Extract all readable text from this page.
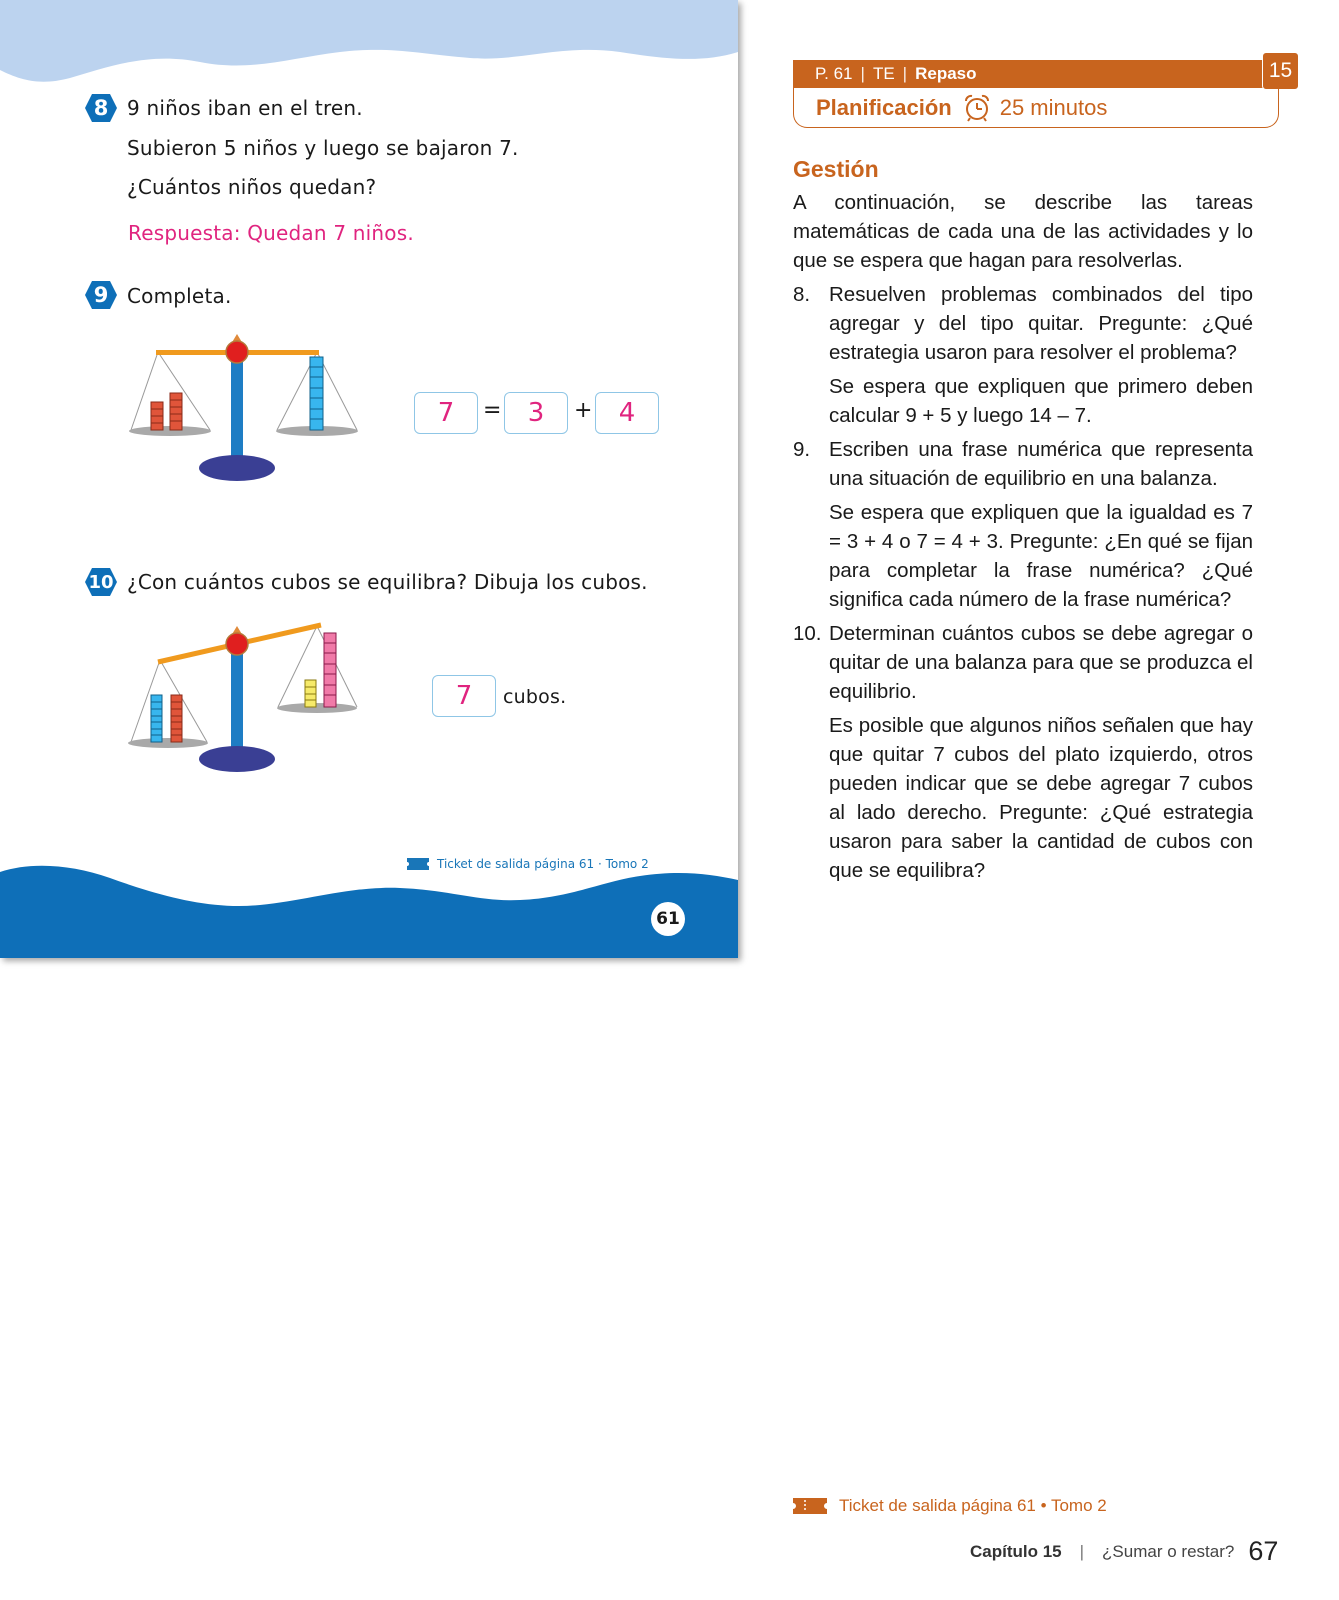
8 9 niños iban en el tren.
Subieron 5 niños y luego se bajaron 7.
¿Cuántos niños quedan?
Respuesta: Quedan 7 niños.
9 Completa.
7	=	3	+	4
10 ¿Con cuántos cubos se equilibra? Dibuja los cubos.
7	cubos.
Ticket de salida página 61 · Tomo 2
61
P. 61 | TE | Repaso	15
Planificación 25 minutos
Gestión

A continuación, se describe las tareas matemáticas de cada una de las actividades y lo que se espera que hagan para resolverlas.

8. Resuelven problemas combinados del tipo agregar y del tipo quitar. Pregunte: ¿Qué estrategia usaron para resolver el problema?

Se espera que expliquen que primero deben calcular 9 + 5 y luego 14 – 7.

9. Escriben una frase numérica que representa una situación de equilibrio en una balanza.

Se espera que expliquen que la igualdad es 7 = 3 + 4 o 7 = 4 + 3. Pregunte: ¿En qué se fijan para completar la frase numérica? ¿Qué significa cada número de la frase numérica?

10. Determinan cuántos cubos se debe agregar o quitar de una balanza para que se produzca el equilibrio.

Es posible que algunos niños señalen que hay que quitar 7 cubos del plato izquierdo, otros pueden indicar que se debe agregar 7 cubos al lado derecho. Pregunte: ¿Qué estrategia usaron para saber la cantidad de cubos con que se equilibra?

Ticket de salida página 61 • Tomo 2
Capítulo 15 | ¿Sumar o restar? 67
